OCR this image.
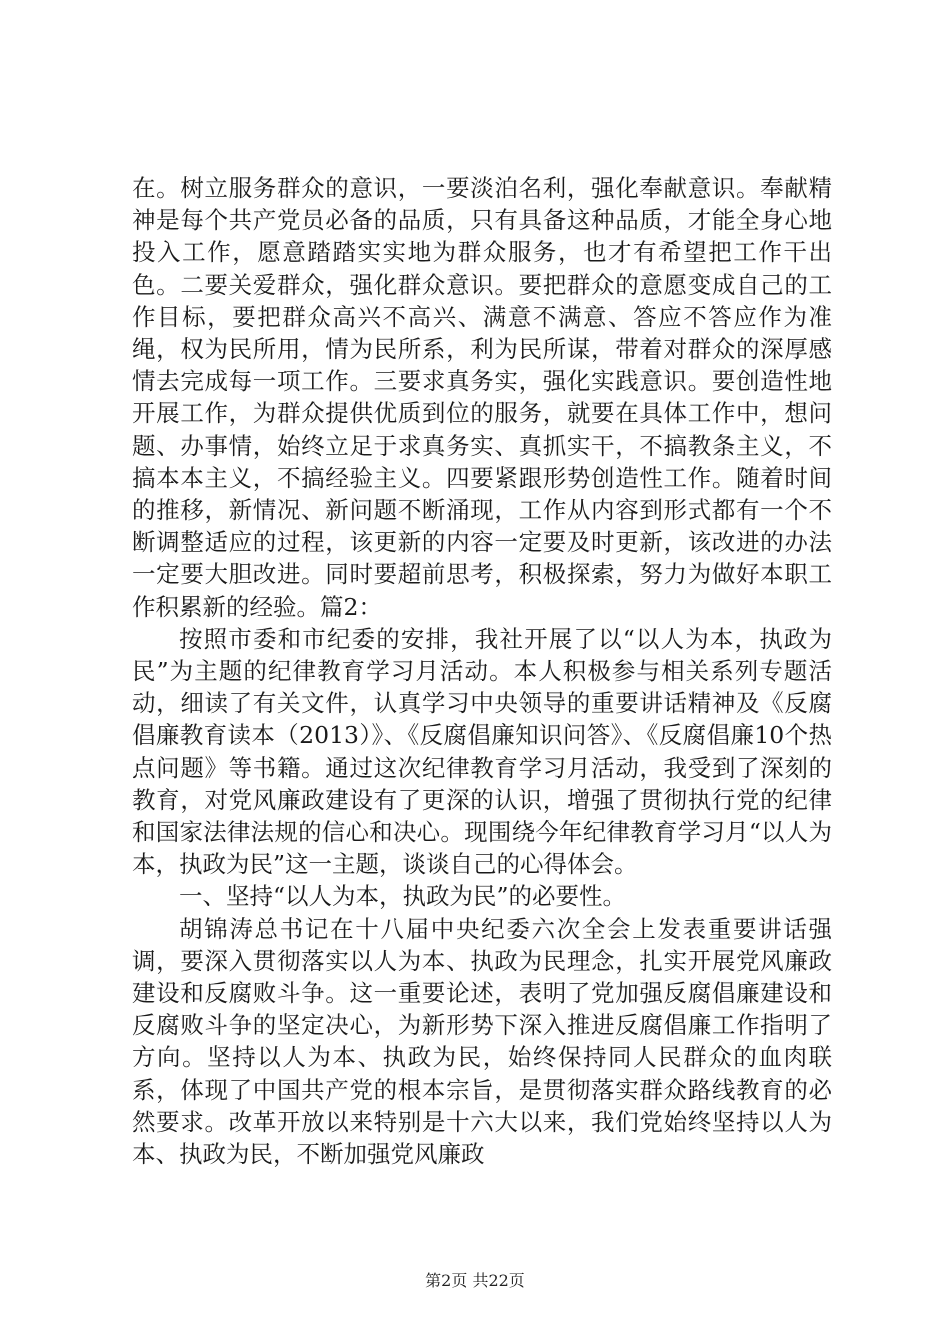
在。树立服务群众的意识，一要淡泊名利，强化奉献意识。奉献精神是每个共产党员必备的品质，只有具备这种品质，才能全身心地投入工作，愿意踏踏实实地为群众服务，也才有希望把工作干出色。二要关爱群众，强化群众意识。要把群众的意愿变成自己的工作目标，要把群众高兴不高兴、满意不满意、答应不答应作为准绳，权为民所用，情为民所系，利为民所谋，带着对群众的深厚感情去完成每一项工作。三要求真务实，强化实践意识。要创造性地开展工作，为群众提供优质到位的服务，就要在具体工作中，想问题、办事情，始终立足于求真务实、真抓实干，不搞教条主义，不搞本本主义，不搞经验主义。四要紧跟形势创造性工作。随着时间的推移，新情况、新问题不断涌现，工作从内容到形式都有一个不断调整适应的过程，该更新的内容一定要及时更新，该改进的办法一定要大胆改进。同时要超前思考，积极探索，努力为做好本职工作积累新的经验。篇2：

按照市委和市纪委的安排，我社开展了以“以人为本，执政为民”为主题的纪律教育学习月活动。本人积极参与相关系列专题活动，细读了有关文件，认真学习中央领导的重要讲话精神及《反腐倡廉教育读本（2013）》、《反腐倡廉知识问答》、《反腐倡廉10个热点问题》等书籍。通过这次纪律教育学习月活动，我受到了深刻的教育，对党风廉政建设有了更深的认识，增强了贯彻执行党的纪律和国家法律法规的信心和决心。现围绕今年纪律教育学习月“以人为本，执政为民”这一主题，谈谈自己的心得体会。

一、坚持“以人为本，执政为民”的必要性。

胡锦涛总书记在十八届中央纪委六次全会上发表重要讲话强调，要深入贯彻落实以人为本、执政为民理念，扎实开展党风廉政建设和反腐败斗争。这一重要论述，表明了党加强反腐倡廉建设和反腐败斗争的坚定决心，为新形势下深入推进反腐倡廉工作指明了方向。坚持以人为本、执政为民，始终保持同人民群众的血肉联系，体现了中国共产党的根本宗旨，是贯彻落实群众路线教育的必然要求。改革开放以来特别是十六大以来，我们党始终坚持以人为本、执政为民，不断加强党风廉政

第2页 共22页
